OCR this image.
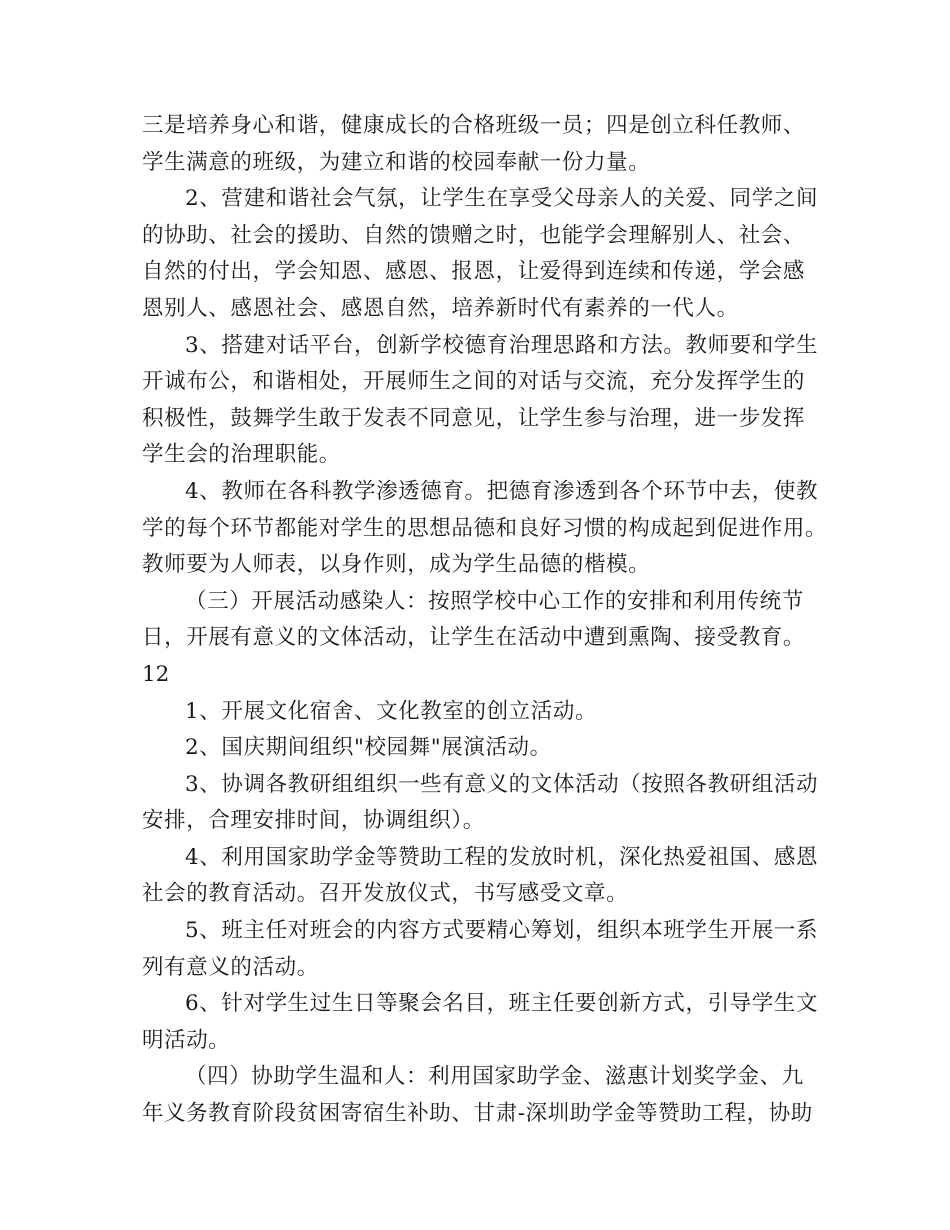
三是培养身心和谐，健康成长的合格班级一员；四是创立科任教师、
学生满意的班级，为建立和谐的校园奉献一份力量。
2、营建和谐社会气氛，让学生在享受父母亲人的关爱、同学之间
的协助、社会的援助、自然的馈赠之时，也能学会理解别人、社会、
自然的付出，学会知恩、感恩、报恩，让爱得到连续和传递，学会感
恩别人、感恩社会、感恩自然，培养新时代有素养的一代人。
3、搭建对话平台，创新学校德育治理思路和方法。教师要和学生
开诚布公，和谐相处，开展师生之间的对话与交流，充分发挥学生的
积极性，鼓舞学生敢于发表不同意见，让学生参与治理，进一步发挥
学生会的治理职能。
4、教师在各科教学渗透德育。把德育渗透到各个环节中去，使教
学的每个环节都能对学生的思想品德和良好习惯的构成起到促进作用。
教师要为人师表，以身作则，成为学生品德的楷模。
（三）开展活动感染人：按照学校中心工作的安排和利用传统节
日，开展有意义的文体活动，让学生在活动中遭到熏陶、接受教育。
12
1、开展文化宿舍、文化教室的创立活动。
2、国庆期间组织"校园舞"展演活动。
3、协调各教研组组织一些有意义的文体活动（按照各教研组活动
安排，合理安排时间，协调组织）。
4、利用国家助学金等赞助工程的发放时机，深化热爱祖国、感恩
社会的教育活动。召开发放仪式，书写感受文章。
5、班主任对班会的内容方式要精心筹划，组织本班学生开展一系
列有意义的活动。
6、针对学生过生日等聚会名目，班主任要创新方式，引导学生文
明活动。
（四）协助学生温和人：利用国家助学金、滋惠计划奖学金、九
年义务教育阶段贫困寄宿生补助、甘肃-深圳助学金等赞助工程，协助
